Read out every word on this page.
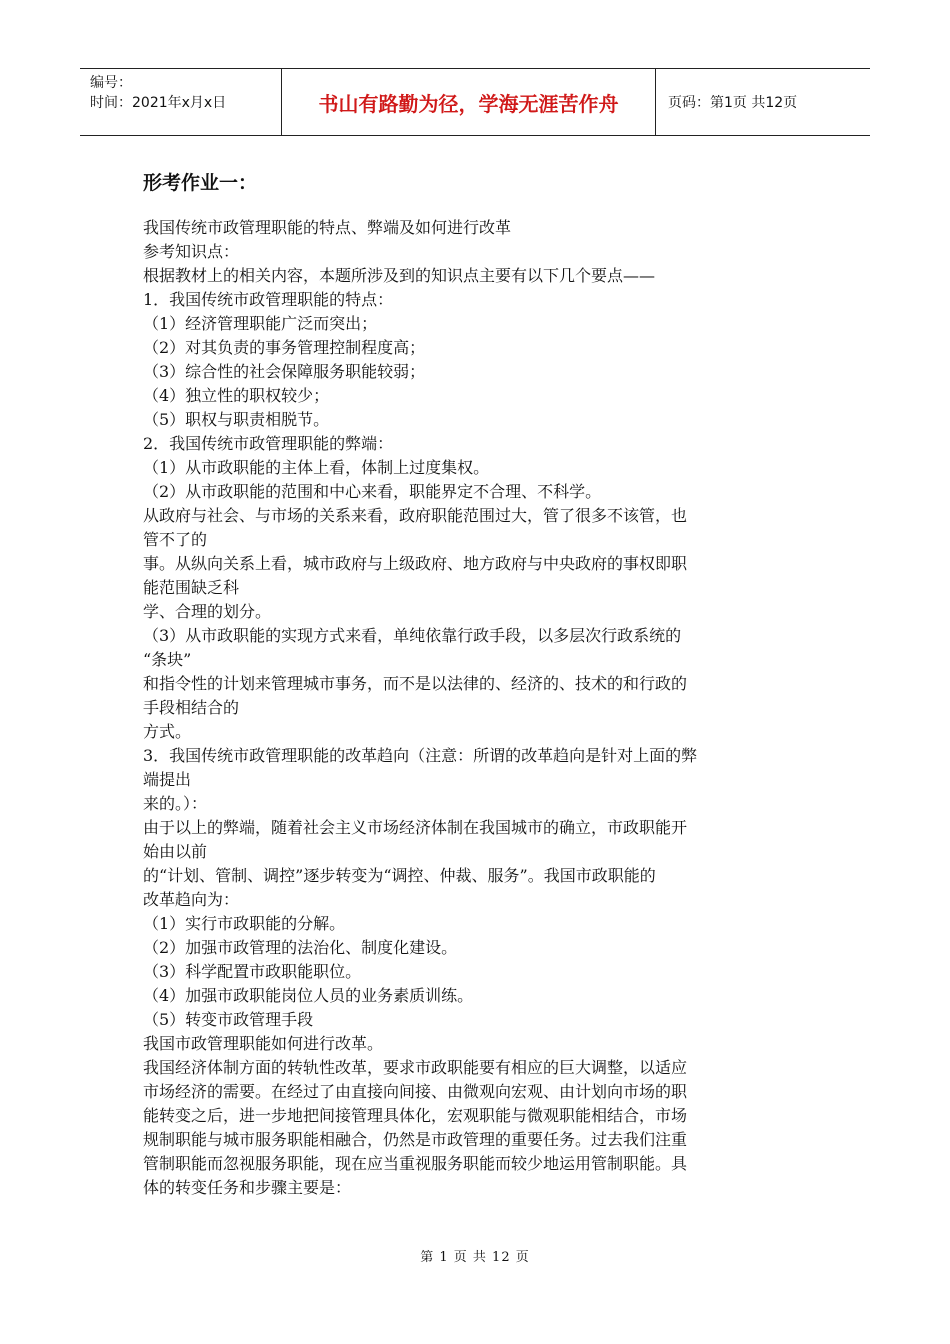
编号：
时间：2021年x月x日	书山有路勤为径，学海无涯苦作舟	页码：第1页 共12页
形考作业一：
我国传统市政管理职能的特点、弊端及如何进行改革
参考知识点：
根据教材上的相关内容，本题所涉及到的知识点主要有以下几个要点——
1．我国传统市政管理职能的特点：
（1）经济管理职能广泛而突出；
（2）对其负责的事务管理控制程度高；
（3）综合性的社会保障服务职能较弱；
（4）独立性的职权较少；
（5）职权与职责相脱节。
2．我国传统市政管理职能的弊端：
（1）从市政职能的主体上看，体制上过度集权。
（2）从市政职能的范围和中心来看，职能界定不合理、不科学。
从政府与社会、与市场的关系来看，政府职能范围过大，管了很多不该管，也
管不了的
事。从纵向关系上看，城市政府与上级政府、地方政府与中央政府的事权即职
能范围缺乏科
学、合理的划分。
（3）从市政职能的实现方式来看，单纯依靠行政手段，以多层次行政系统的
“条块”
和指令性的计划来管理城市事务，而不是以法律的、经济的、技术的和行政的
手段相结合的
方式。
3．我国传统市政管理职能的改革趋向（注意：所谓的改革趋向是针对上面的弊
端提出
来的。）：
由于以上的弊端，随着社会主义市场经济体制在我国城市的确立，市政职能开
始由以前
的“计划、管制、调控”逐步转变为“调控、仲裁、服务”。我国市政职能的
改革趋向为：
（1）实行市政职能的分解。
（2）加强市政管理的法治化、制度化建设。
（3）科学配置市政职能职位。
（4）加强市政职能岗位人员的业务素质训练。
（5）转变市政管理手段
我国市政管理职能如何进行改革。
我国经济体制方面的转轨性改革，要求市政职能要有相应的巨大调整，以适应
市场经济的需要。在经过了由直接向间接、由微观向宏观、由计划向市场的职
能转变之后，进一步地把间接管理具体化，宏观职能与微观职能相结合，市场
规制职能与城市服务职能相融合，仍然是市政管理的重要任务。过去我们注重
管制职能而忽视服务职能，现在应当重视服务职能而较少地运用管制职能。具
体的转变任务和步骤主要是：
第 1 页 共 12 页
